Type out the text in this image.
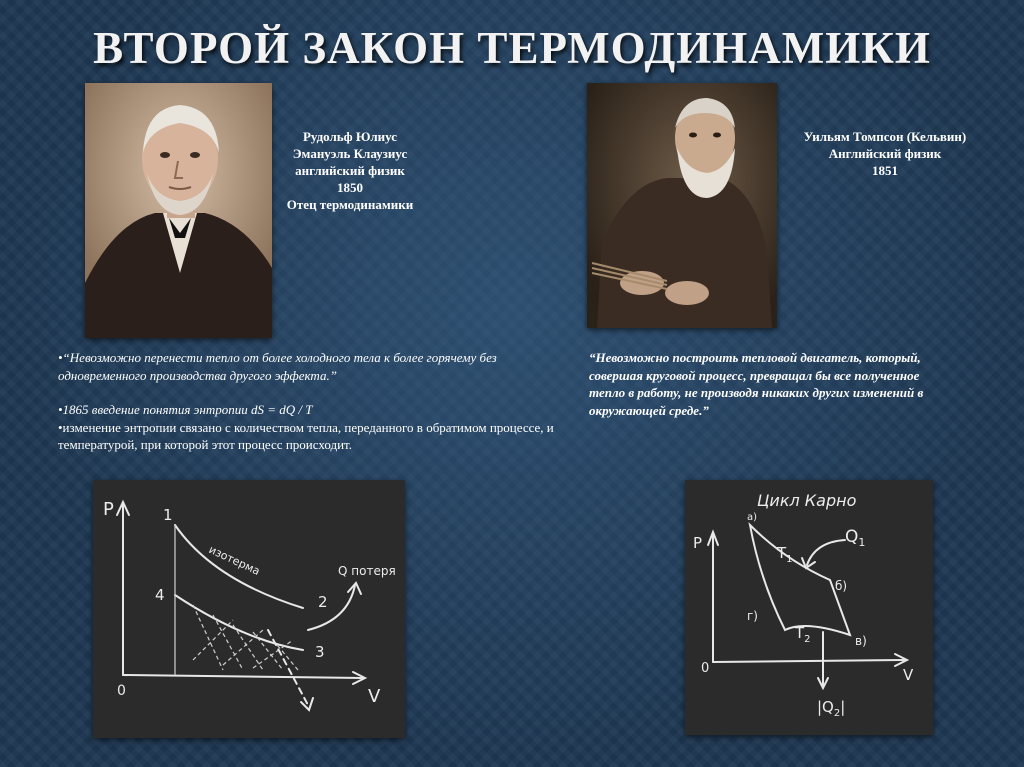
ВТОРОЙ ЗАКОН ТЕРМОДИНАМИКИ
Рудольф Юлиус
Эмануэль Клаузиус
английский физик
1850
Отец термодинамики
Уильям Томпсон (Кельвин)
Английский физик
1851

•“Невозможно перенести тепло от более холодного тела к более горячему без одновременного производства другого эффекта.”

•1865 введение понятия энтропии dS = dQ / T

•изменение энтропии связано с количеством тепла, переданного в обратимом процессе, и температурой, при которой этот процесс происходит.

“Невозможно построить тепловой двигатель, который, совершая круговой процесс, превращал бы все полученное тепло в работу, не производя никаких других изменений в окружающей среде.”

P
V
0
1
2
3
4
изотерма	Q потеря
Цикл Карно
P
V
0
а)
б)
в)
г)
$T_1$
$T_2$
$Q_1$
$|Q_2|$
